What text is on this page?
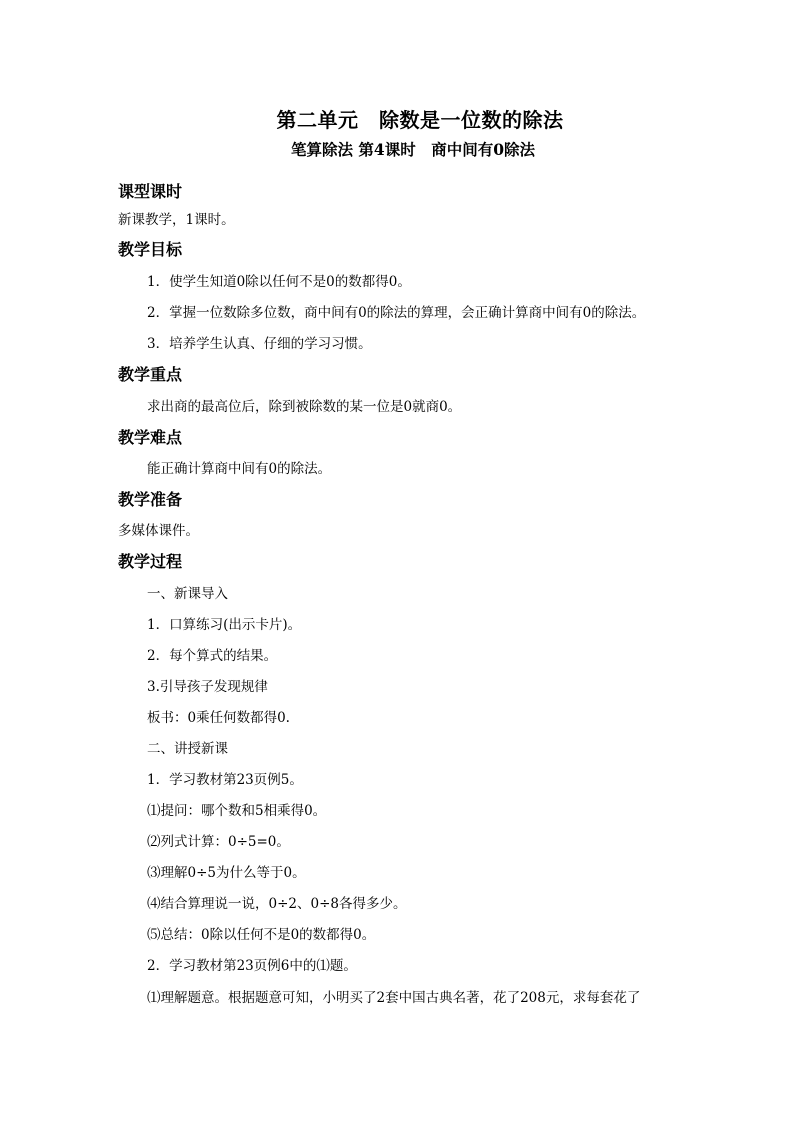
第二单元　除数是一位数的除法
笔算除法 第4课时　商中间有0除法
课型课时
新课教学，1课时。
教学目标
1．使学生知道0除以任何不是0的数都得0。
2．掌握一位数除多位数，商中间有0的除法的算理，会正确计算商中间有0的除法。
3．培养学生认真、仔细的学习习惯。
教学重点
求出商的最高位后，除到被除数的某一位是0就商0。
教学难点
能正确计算商中间有0的除法。
教学准备
多媒体课件。
教学过程
一、新课导入
1．口算练习(出示卡片)。
2．每个算式的结果。
3.引导孩子发现规律
板书：0乘任何数都得0.
二、讲授新课
1．学习教材第23页例5。
⑴提问：哪个数和5相乘得0。
⑵列式计算：0÷5=0。
⑶理解0÷5为什么等于0。
⑷结合算理说一说，0÷2、0÷8各得多少。
⑸总结：0除以任何不是0的数都得0。
2．学习教材第23页例6中的⑴题。
⑴理解题意。根据题意可知，小明买了2套中国古典名著，花了208元，求每套花了
